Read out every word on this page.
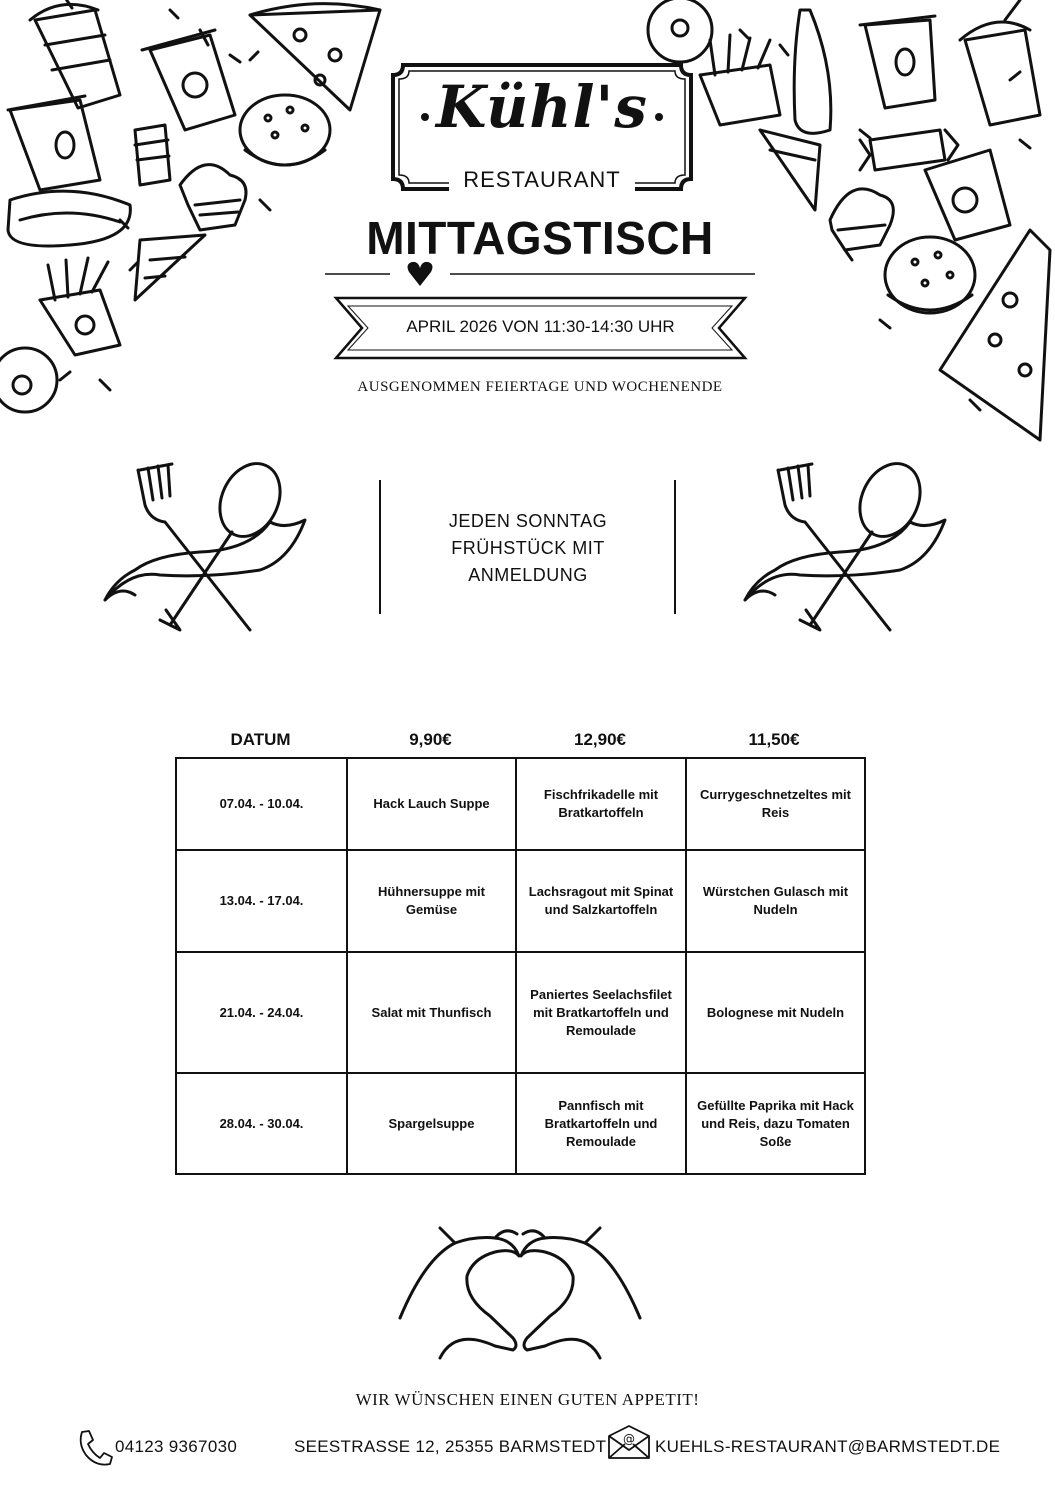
Kühl's
RESTAURANT
MITTAGSTISCH
APRIL 2026 VON 11:30-14:30 UHR
AUSGENOMMEN FEIERTAGE UND WOCHENENDE
JEDEN SONNTAG
FRÜHSTÜCK MIT
ANMELDUNG
DATUM	9,90€	12,90€	11,50€
07.04. - 10.04.	Hack Lauch Suppe	Fischfrikadelle mit Bratkartoffeln	Currygeschnetzeltes mit Reis
13.04. - 17.04.	Hühnersuppe mit Gemüse	Lachsragout mit Spinat und Salzkartoffeln	Würstchen Gulasch mit Nudeln
21.04. - 24.04.	Salat mit Thunfisch	Paniertes Seelachsfilet mit Bratkartoffeln und Remoulade	Bolognese mit Nudeln
28.04. - 30.04.	Spargelsuppe	Pannfisch mit Bratkartoffeln und Remoulade	Gefüllte Paprika mit Hack und Reis, dazu Tomaten Soße
WIR WÜNSCHEN EINEN GUTEN APPETIT!
04123 9367030	SEESTRASSE 12, 25355 BARMSTEDT @ KUEHLS-RESTAURANT@BARMSTEDT.DE
